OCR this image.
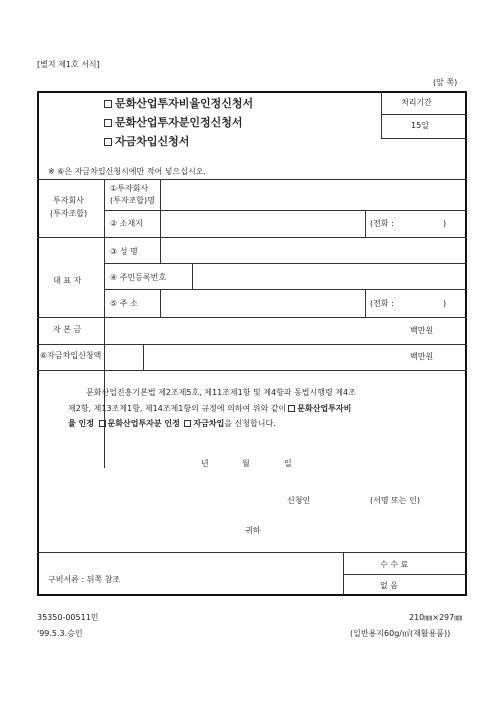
[별지 제1호 서식]
(앞 쪽)
문화산업투자비율인정신청서
문화산업투자분인정신청서
자금차입신청서
처리기간
15일
※ ⑥은 자금차입신청시에만 적어 넣으십시오.
투자회사
(투자조합)
①투자회사
(투자조합)명
② 소재지	(전화 :	)
대 표 자
③ 성 명
④ 주민등록번호
⑤ 주 소	(전화 :	)
자 본 금	백만원
⑥자금차입신청액	백만원
문화산업진흥기본법 제2조제5호, 제11조제1항 및 제4항과 동법시행령 제4조
제2항, 제13조제1항, 제14조제1항의 규정에 의하여 위와 같이 문화산업투자비
율 인정 문화산업투자분 인정 자금차입을 신청합니다.
년	월	일
신청인	(서명 또는 인)
귀하
구비서류 : 뒤쪽 참조
수 수 료
없 음
35350-00511민
'99.5.3.승인
210㎜×297㎜
(일반용지60g/㎡(재활용품))
